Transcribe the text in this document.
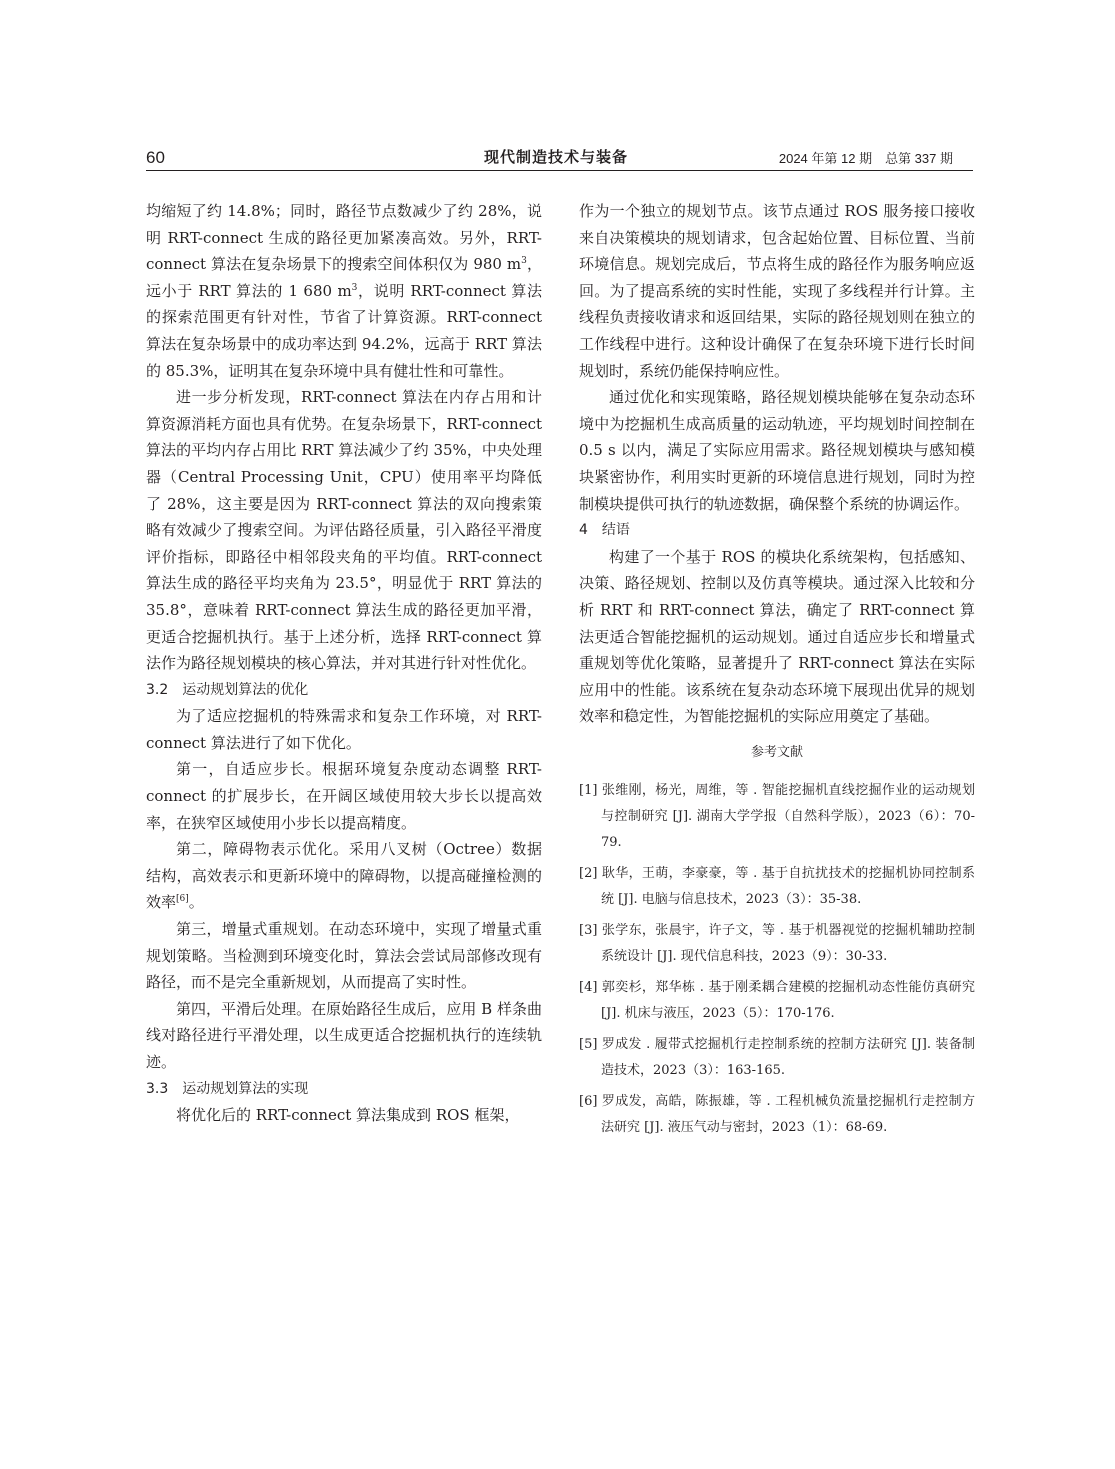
60	现代制造技术与装备	2024 年第 12 期　总第 337 期

均缩短了约 14.8%；同时，路径节点数减少了约 28%，说明 RRT-connect 生成的路径更加紧凑高效。另外，RRT-connect 算法在复杂场景下的搜索空间体积仅为 980 $m^3$，远小于 RRT 算法的 1 680 $m^3$，说明 RRT-connect 算法的探索范围更有针对性，节省了计算资源。RRT-connect 算法在复杂场景中的成功率达到 94.2%，远高于 RRT 算法的 85.3%，证明其在复杂环境中具有健壮性和可靠性。

进一步分析发现，RRT-connect 算法在内存占用和计算资源消耗方面也具有优势。在复杂场景下，RRT-connect 算法的平均内存占用比 RRT 算法减少了约 35%，中央处理器（Central Processing Unit，CPU）使用率平均降低了 28%，这主要是因为 RRT-connect 算法的双向搜索策略有效减少了搜索空间。为评估路径质量，引入路径平滑度评价指标，即路径中相邻段夹角的平均值。RRT-connect 算法生成的路径平均夹角为 23.5°，明显优于 RRT 算法的 35.8°，意味着 RRT-connect 算法生成的路径更加平滑，更适合挖掘机执行。基于上述分析，选择 RRT-connect 算法作为路径规划模块的核心算法，并对其进行针对性优化。

3.2　运动规划算法的优化

为了适应挖掘机的特殊需求和复杂工作环境，对 RRT-connect 算法进行了如下优化。

第一，自适应步长。根据环境复杂度动态调整 RRT-connect 的扩展步长，在开阔区域使用较大步长以提高效率，在狭窄区域使用小步长以提高精度。

第二，障碍物表示优化。采用八叉树（Octree）数据结构，高效表示和更新环境中的障碍物，以提高碰撞检测的效率[6]。

第三，增量式重规划。在动态环境中，实现了增量式重规划策略。当检测到环境变化时，算法会尝试局部修改现有路径，而不是完全重新规划，从而提高了实时性。

第四，平滑后处理。在原始路径生成后，应用 B 样条曲线对路径进行平滑处理，以生成更适合挖掘机执行的连续轨迹。

3.3　运动规划算法的实现

将优化后的 RRT-connect 算法集成到 ROS 框架，

作为一个独立的规划节点。该节点通过 ROS 服务接口接收来自决策模块的规划请求，包含起始位置、目标位置、当前环境信息。规划完成后，节点将生成的路径作为服务响应返回。为了提高系统的实时性能，实现了多线程并行计算。主线程负责接收请求和返回结果，实际的路径规划则在独立的工作线程中进行。这种设计确保了在复杂环境下进行长时间规划时，系统仍能保持响应性。

通过优化和实现策略，路径规划模块能够在复杂动态环境中为挖掘机生成高质量的运动轨迹，平均规划时间控制在 0.5 s 以内，满足了实际应用需求。路径规划模块与感知模块紧密协作，利用实时更新的环境信息进行规划，同时为控制模块提供可执行的轨迹数据，确保整个系统的协调运作。

4　结语

构建了一个基于 ROS 的模块化系统架构，包括感知、决策、路径规划、控制以及仿真等模块。通过深入比较和分析 RRT 和 RRT-connect 算法，确定了 RRT-connect 算法更适合智能挖掘机的运动规划。通过自适应步长和增量式重规划等优化策略，显著提升了 RRT-connect 算法在实际应用中的性能。该系统在复杂动态环境下展现出优异的规划效率和稳定性，为智能挖掘机的实际应用奠定了基础。

参考文献

[1] 张维刚，杨光，周维，等 . 智能挖掘机直线挖掘作业的运动规划与控制研究 [J]. 湖南大学学报（自然科学版），2023（6）：70-79.

[2] 耿华，王萌，李豪豪，等 . 基于自抗扰技术的挖掘机协同控制系统 [J]. 电脑与信息技术，2023（3）：35-38.

[3] 张学东，张晨宇，许子文，等 . 基于机器视觉的挖掘机辅助控制系统设计 [J]. 现代信息科技，2023（9）：30-33.

[4] 郭奕杉，郑华栋 . 基于刚柔耦合建模的挖掘机动态性能仿真研究 [J]. 机床与液压，2023（5）：170-176.

[5] 罗成发 . 履带式挖掘机行走控制系统的控制方法研究 [J]. 装备制造技术，2023（3）：163-165.

[6] 罗成发，高皓，陈振雄，等 . 工程机械负流量挖掘机行走控制方法研究 [J]. 液压气动与密封，2023（1）：68-69.
